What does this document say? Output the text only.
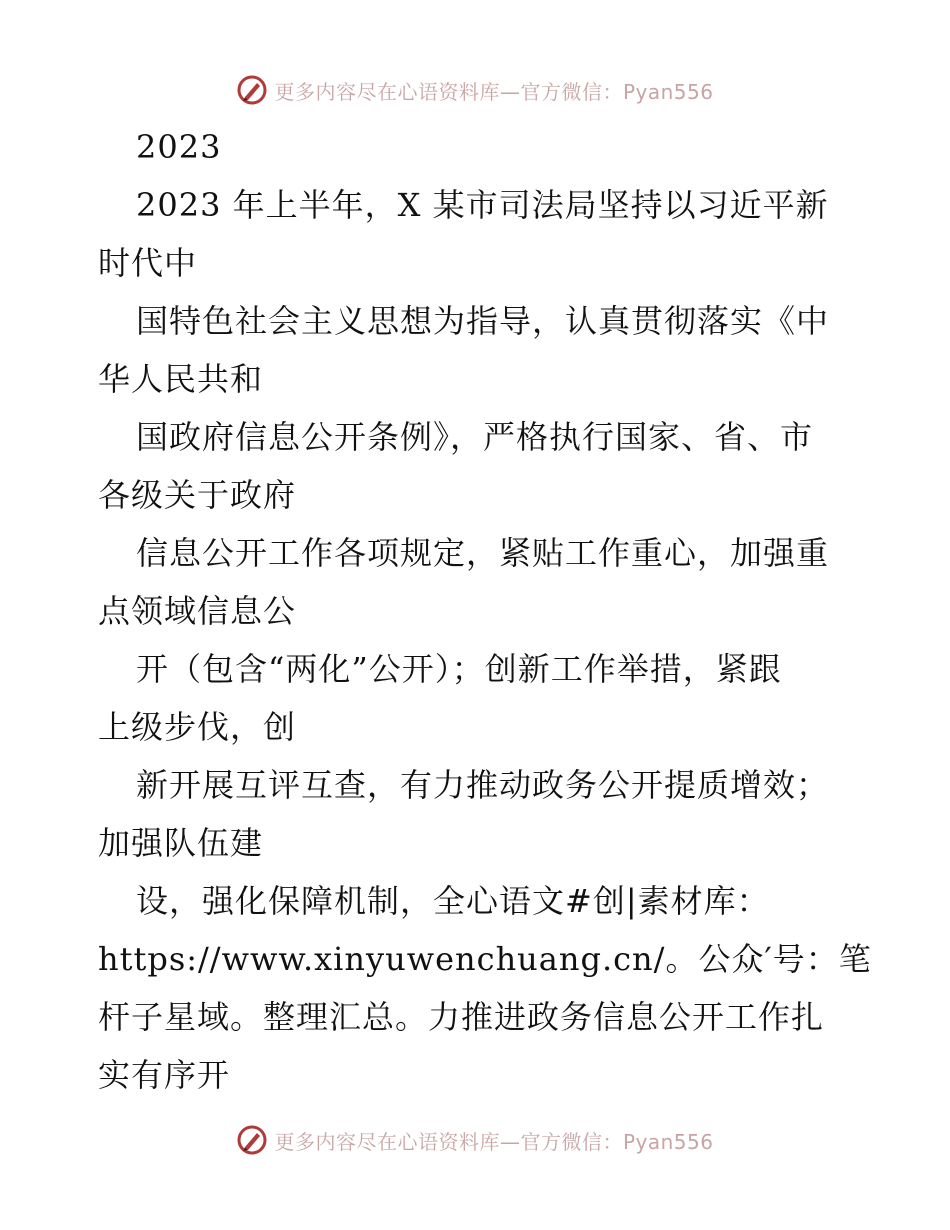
更多内容尽在心语资料库—官方微信：Pyan556
2023
2023 年上半年，X 某市司法局坚持以习近平新
时代中
国特色社会主义思想为指导，认真贯彻落实《中
华人民共和
国政府信息公开条例》，严格执行国家、省、市
各级关于政府
信息公开工作各项规定，紧贴工作重心，加强重
点领域信息公
开（包含“两化”公开）；创新工作举措，紧跟
上级步伐，创
新开展互评互查，有力推动政务公开提质增效；
加强队伍建
设，强化保障机制，全心语文#创|素材库：
https://www.xinyuwenchuang.cn/。公众′号：笔
杆子星域。整理汇总。力推进政务信息公开工作扎
实有序开
更多内容尽在心语资料库—官方微信：Pyan556
